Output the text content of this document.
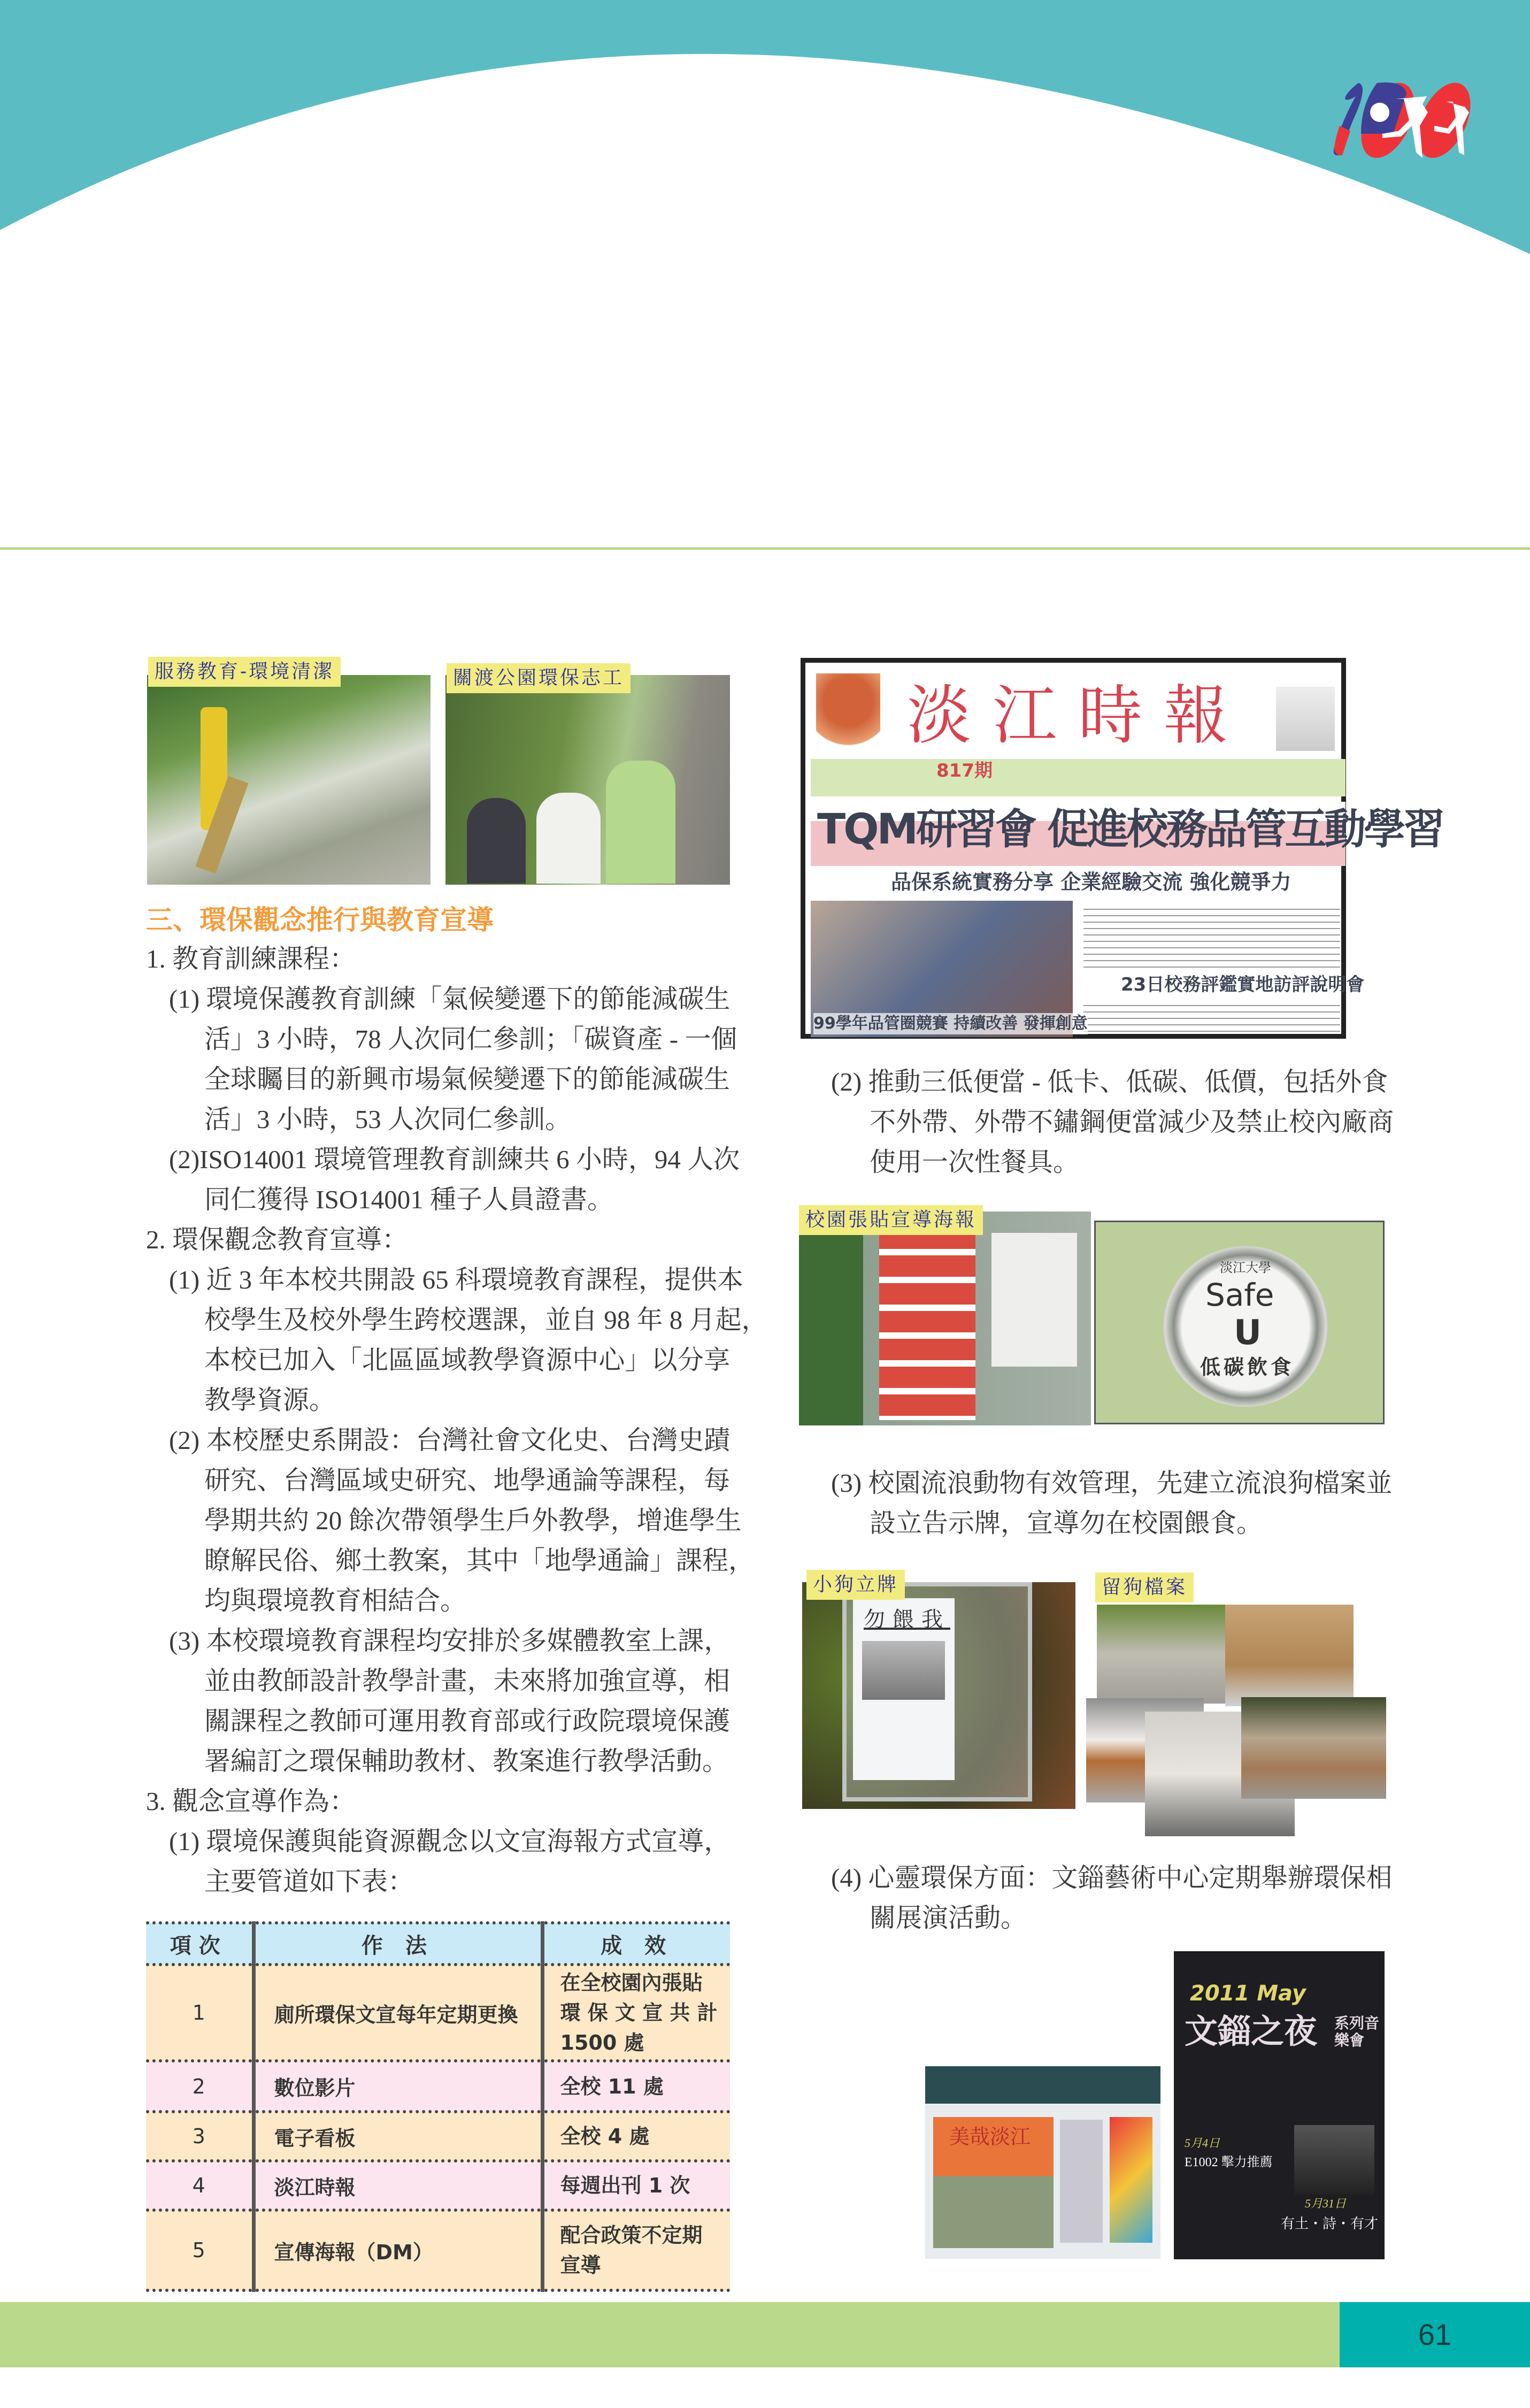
服務教育-環境清潔	關渡公園環保志工
三、環保觀念推行與教育宣導
1. 教育訓練課程：
(1) 環境保護教育訓練「氣候變遷下的節能減碳生
活」3 小時，78 人次同仁參訓；「碳資產 - 一個
全球矚目的新興市場氣候變遷下的節能減碳生
活」3 小時，53 人次同仁參訓。
(2)ISO14001 環境管理教育訓練共 6 小時，94 人次
同仁獲得 ISO14001 種子人員證書。
2. 環保觀念教育宣導：
(1) 近 3 年本校共開設 65 科環境教育課程，提供本
校學生及校外學生跨校選課，並自 98 年 8 月起，
本校已加入「北區區域教學資源中心」以分享
教學資源。
(2) 本校歷史系開設：台灣社會文化史、台灣史蹟
研究、台灣區域史研究、地學通論等課程，每
學期共約 20 餘次帶領學生戶外教學，增進學生
瞭解民俗、鄉土教案，其中「地學通論」課程，
均與環境教育相結合。
(3) 本校環境教育課程均安排於多媒體教室上課，
並由教師設計教學計畫，未來將加強宣導，相
關課程之教師可運用教育部或行政院環境保護
署編訂之環保輔助教材、教案進行教學活動。
3. 觀念宣導作為：
(1) 環境保護與能資源觀念以文宣海報方式宣導，
主要管道如下表：
項次	作 法	成 效
1	廁所環保文宣每年定期更換	在全校園內張貼
環 保 文 宣 共 計
1500 處

2	數位影片	全校 11 處

3	電子看板	全校 4 處

4	淡江時報	每週出刊 1 次

5	宣傳海報（DM）	配合政策不定期
宣導
淡江時報
817期
TQM研習會 促進校務品管互動學習
品保系統實務分享 企業經驗交流 強化競爭力
23日校務評鑑實地訪評說明會
99學年品管圈競賽 持續改善 發揮創意
(2) 推動三低便當 - 低卡、低碳、低價，包括外食
不外帶、外帶不鏽鋼便當減少及禁止校內廠商
使用一次性餐具。
校園張貼宣導海報
淡江大學
Safe
U
低碳飲食
(3) 校園流浪動物有效管理，先建立流浪狗檔案並
設立告示牌，宣導勿在校園餵食。
勿餵我
小狗立牌	留狗檔案
(4) 心靈環保方面：文錙藝術中心定期舉辦環保相
關展演活動。
美哉淡江
2011 May
文錙之夜 系列音樂會
5月4日
E1002 擊力推薦
5月31日
有土・詩・有才
61
